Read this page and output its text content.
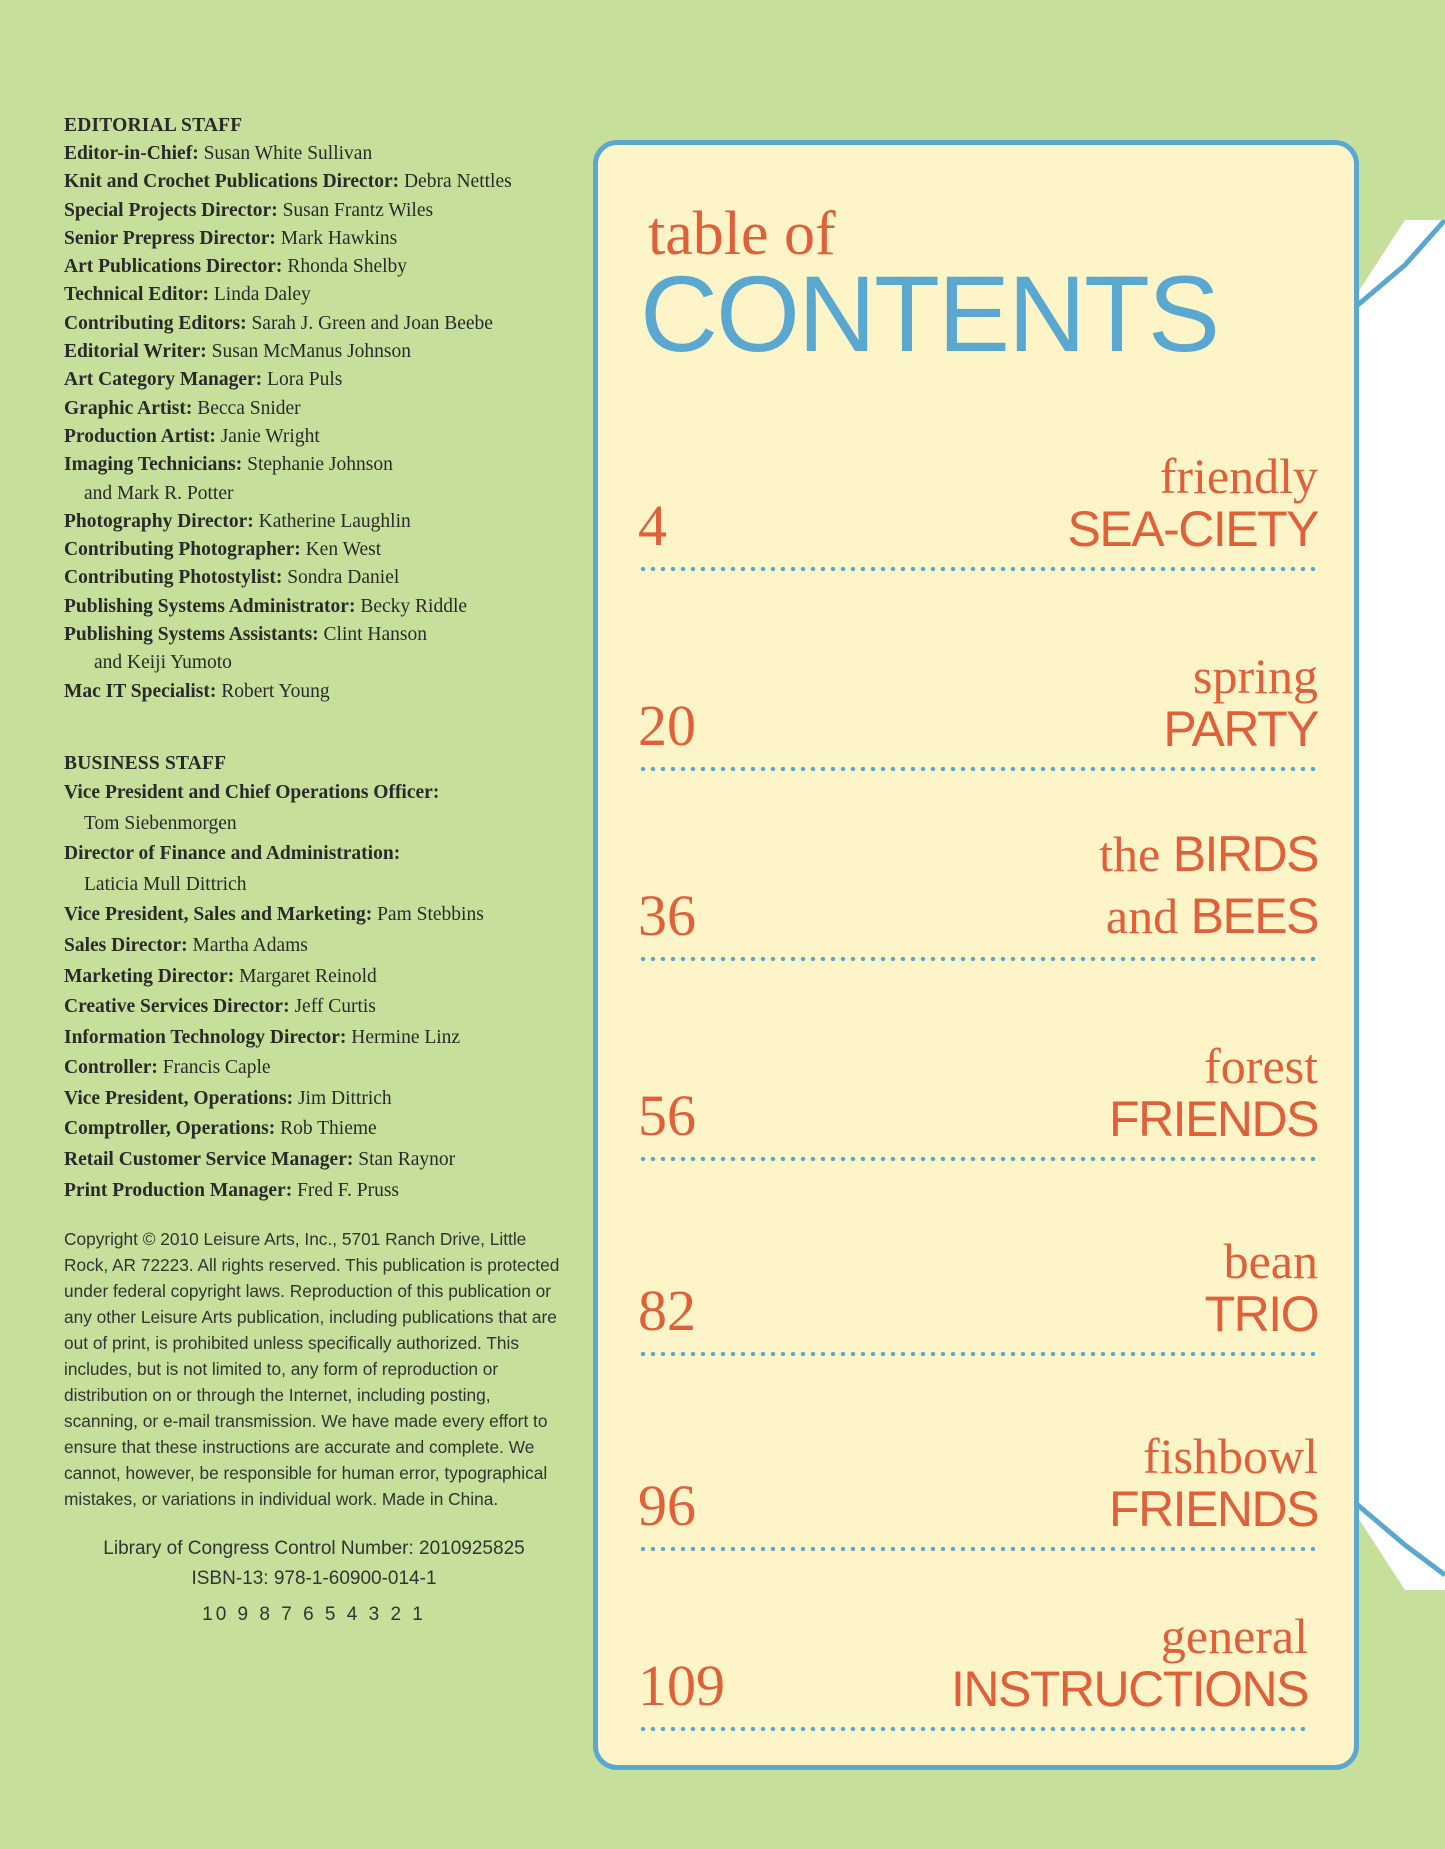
EDITORIAL STAFF
Editor-in-Chief: Susan White Sullivan
Knit and Crochet Publications Director: Debra Nettles
Special Projects Director: Susan Frantz Wiles
Senior Prepress Director: Mark Hawkins
Art Publications Director: Rhonda Shelby
Technical Editor: Linda Daley
Contributing Editors: Sarah J. Green and Joan Beebe
Editorial Writer: Susan McManus Johnson
Art Category Manager: Lora Puls
Graphic Artist: Becca Snider
Production Artist: Janie Wright
Imaging Technicians: Stephanie Johnson
and Mark R. Potter
Photography Director: Katherine Laughlin
Contributing Photographer: Ken West
Contributing Photostylist: Sondra Daniel
Publishing Systems Administrator: Becky Riddle
Publishing Systems Assistants: Clint Hanson
and Keiji Yumoto
Mac IT Specialist: Robert Young
BUSINESS STAFF
Vice President and Chief Operations Officer:
Tom Siebenmorgen
Director of Finance and Administration:
Laticia Mull Dittrich
Vice President, Sales and Marketing: Pam Stebbins
Sales Director: Martha Adams
Marketing Director: Margaret Reinold
Creative Services Director: Jeff Curtis
Information Technology Director: Hermine Linz
Controller: Francis Caple
Vice President, Operations: Jim Dittrich
Comptroller, Operations: Rob Thieme
Retail Customer Service Manager: Stan Raynor
Print Production Manager: Fred F. Pruss
Copyright © 2010 Leisure Arts, Inc., 5701 Ranch Drive, Little Rock, AR 72223. All rights reserved. This publication is protected under federal copyright laws. Reproduction of this publication or any other Leisure Arts publication, including publications that are out of print, is prohibited unless specifically authorized. This includes, but is not limited to, any form of reproduction or distribution on or through the Internet, including posting, scanning, or e-mail transmission. We have made every effort to ensure that these instructions are accurate and complete. We cannot, however, be responsible for human error, typographical mistakes, or variations in individual work. Made in China.
Library of Congress Control Number: 2010925825
ISBN-13: 978-1-60900-014-1
10 9 8 7 6 5 4 3 2 1
table of
CONTENTS
4
friendly
SEA-CIETY
20
spring
PARTY
36
the BIRDS
and BEES
56
forest
FRIENDS
82
bean
TRIO
96
fishbowl
FRIENDS
109
general
INSTRUCTIONS
